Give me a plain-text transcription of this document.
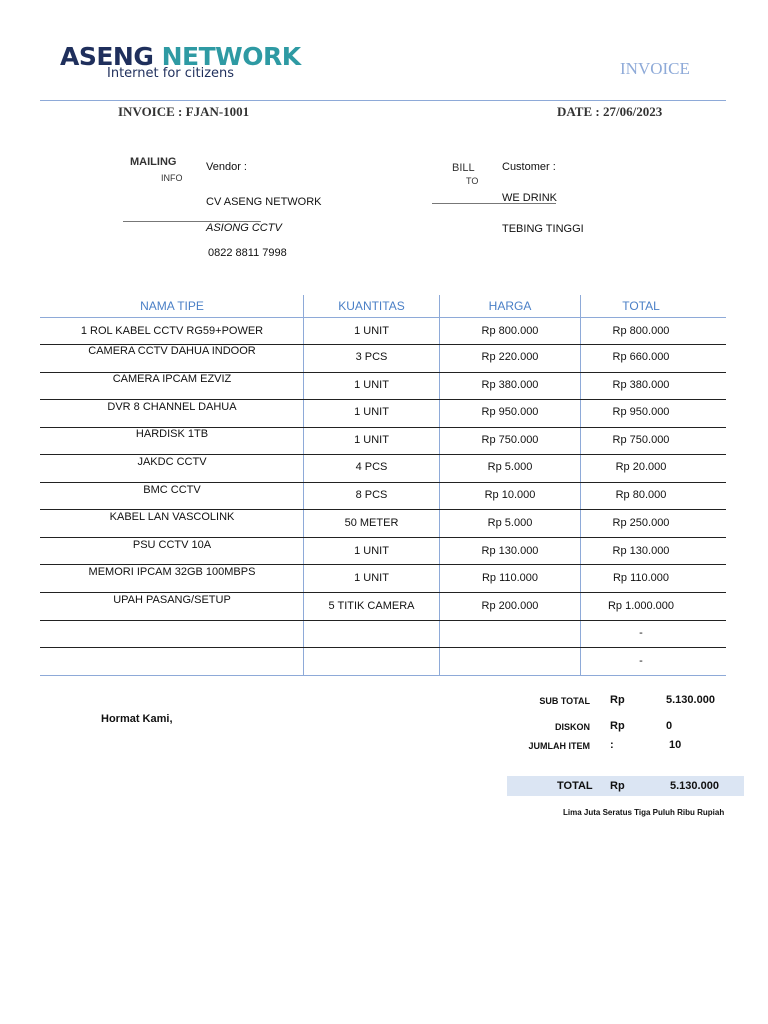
ASENG NETWORK
Internet for citizens	INVOICE
INVOICE : FJAN-1001	DATE : 27/06/2023
MAILING
INFO
Vendor :
CV ASENG NETWORK
ASIONG CCTV
0822 8811 7998
BILL
TO
Customer :
WE DRINK
TEBING TINGGI
NAMA TIPE	KUANTITAS	HARGA	TOTAL
1 ROL KABEL CCTV RG59+POWER	1 UNIT	Rp 800.000	Rp 800.000
CAMERA CCTV DAHUA INDOOR	3 PCS	Rp 220.000	Rp 660.000
CAMERA IPCAM EZVIZ	1 UNIT	Rp 380.000	Rp 380.000
DVR 8 CHANNEL DAHUA	1 UNIT	Rp 950.000	Rp 950.000
HARDISK 1TB	1 UNIT	Rp 750.000	Rp 750.000
JAKDC CCTV	4 PCS	Rp 5.000	Rp 20.000
BMC CCTV	8 PCS	Rp 10.000	Rp 80.000
KABEL LAN VASCOLINK	50 METER	Rp 5.000	Rp 250.000
PSU CCTV 10A	1 UNIT	Rp 130.000	Rp 130.000
MEMORI IPCAM 32GB 100MBPS	1 UNIT	Rp 110.000	Rp 110.000
UPAH PASANG/SETUP	5 TITIK CAMERA	Rp 200.000	Rp 1.000.000
-
-
Hormat Kami,
SUB TOTAL Rp	5.130.000
DISKON Rp	0
JUMLAH ITEM :	10
TOTAL Rp	5.130.000
Lima Juta Seratus Tiga Puluh Ribu Rupiah
